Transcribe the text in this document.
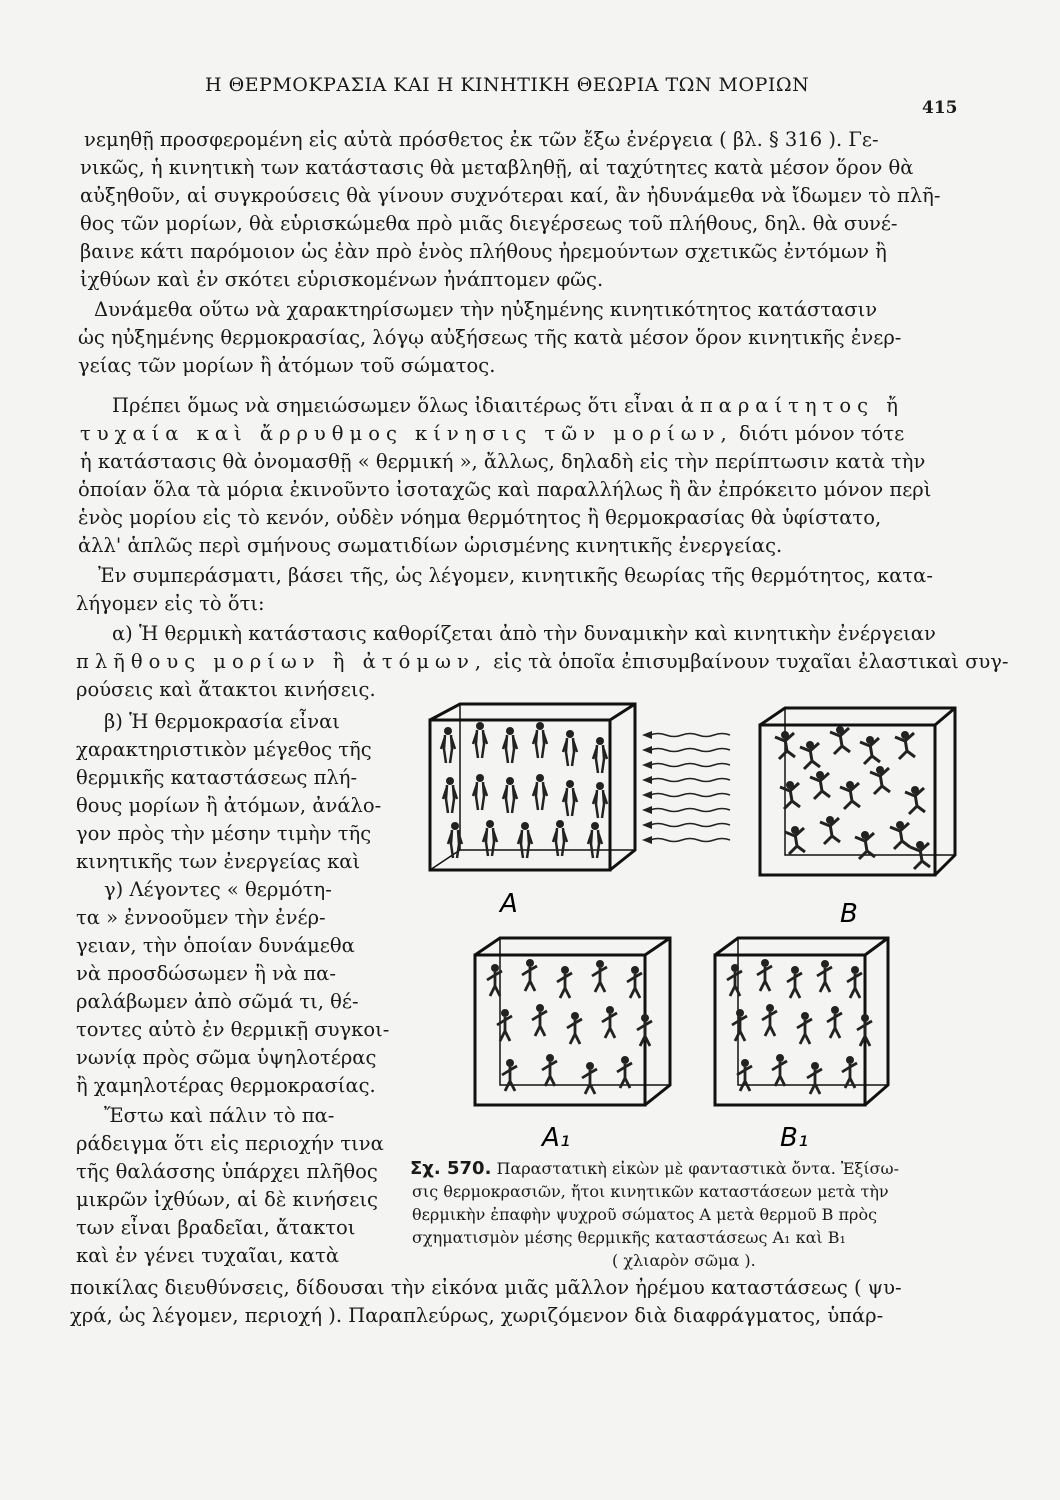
Η ΘΕΡΜΟΚΡΑΣΙΑ ΚΑΙ Η ΚΙΝΗΤΙΚΗ ΘΕΩΡΙΑ ΤΩΝ ΜΟΡΙΩΝ
415
νεμηθῇ προσφερομένη εἰς αὐτὰ πρόσθετος ἐκ τῶν ἔξω ἐνέργεια ( βλ. § 316 ). Γε-
νικῶς, ἡ κινητικὴ των κατάστασις θὰ μεταβληθῇ, αἱ ταχύτητες κατὰ μέσον ὅρον θὰ
αὐξηθοῦν, αἱ συγκρούσεις θὰ γίνουν συχνότεραι καί, ἂν ἠδυνάμεθα νὰ ἴδωμεν τὸ πλῆ-
θος τῶν μορίων, θὰ εὑρισκώμεθα πρὸ μιᾶς διεγέρσεως τοῦ πλήθους, δηλ. θὰ συνέ-
βαινε κάτι παρόμοιον ὡς ἐὰν πρὸ ἑνὸς πλήθους ἠρεμούντων σχετικῶς ἐντόμων ἢ
ἰχθύων καὶ ἐν σκότει εὑρισκομένων ἠνάπτομεν φῶς.
Δυνάμεθα οὕτω νὰ χαρακτηρίσωμεν τὴν ηὐξημένης κινητικότητος κατάστασιν
ὡς ηὐξημένης θερμοκρασίας, λόγῳ αὐξήσεως τῆς κατὰ μέσον ὅρον κινητικῆς ἐνερ-
γείας τῶν μορίων ἢ ἀτόμων τοῦ σώματος.
Πρέπει ὅμως νὰ σημειώσωμεν ὅλως ἰδιαιτέρως ὅτι εἶναι ἀπαραίτητος ἤ
τυχαία καὶ ἄρρυθμος κίνησις τῶν μορίων, διότι μόνον τότε
ἡ κατάστασις θὰ ὀνομασθῇ « θερμική », ἄλλως, δηλαδὴ εἰς τὴν περίπτωσιν κατὰ τὴν
ὁποίαν ὅλα τὰ μόρια ἐκινοῦντο ἰσοταχῶς καὶ παραλλήλως ἢ ἂν ἐπρόκειτο μόνον περὶ
ἑνὸς μορίου εἰς τὸ κενόν, οὐδὲν νόημα θερμότητος ἢ θερμοκρασίας θὰ ὑφίστατο,
ἀλλ' ἁπλῶς περὶ σμήνους σωματιδίων ὡρισμένης κινητικῆς ἐνεργείας.
Ἐν συμπεράσματι, βάσει τῆς, ὡς λέγομεν, κινητικῆς θεωρίας τῆς θερμότητος, κατα-
λήγομεν εἰς τὸ ὅτι:
α) Ἡ θερμικὴ κατάστασις καθορίζεται ἀπὸ τὴν δυναμικὴν καὶ κινητικὴν ἐνέργειαν
πλῆθους μορίων ἢ ἀτόμων, εἰς τὰ ὁποῖα ἐπισυμβαίνουν τυχαῖαι ἐλαστικαὶ συγ-
ρούσεις καὶ ἄτακτοι κινήσεις.
β) Ἡ θερμοκρασία εἶναι
χαρακτηριστικὸν μέγεθος τῆς
θερμικῆς καταστάσεως πλή-
θους μορίων ἢ ἀτόμων, ἀνάλο-
γον πρὸς τὴν μέσην τιμὴν τῆς
κινητικῆς των ἐνεργείας καὶ
γ) Λέγοντες « θερμότη-
τα » ἐννοοῦμεν τὴν ἐνέρ-
γειαν, τὴν ὁποίαν δυνάμεθα
νὰ προσδώσωμεν ἢ νὰ πα-
ραλάβωμεν ἀπὸ σῶμά τι, θέ-
τοντες αὐτὸ ἐν θερμικῇ συγκοι-
νωνίᾳ πρὸς σῶμα ὑψηλοτέρας
ἢ χαμηλοτέρας θερμοκρασίας.
Ἔστω καὶ πάλιν τὸ πα-
ράδειγμα ὅτι εἰς περιοχήν τινα
τῆς θαλάσσης ὑπάρχει πλῆθος
μικρῶν ἰχθύων, αἱ δὲ κινήσεις
των εἶναι βραδεῖαι, ἄτακτοι
καὶ ἐν γένει τυχαῖαι, κατὰ
ποικίλας διευθύνσεις, δίδουσαι τὴν εἰκόνα μιᾶς μᾶλλον ἠρέμου καταστάσεως ( ψυ-
χρά, ὡς λέγομεν, περιοχή ). Παραπλεύρως, χωριζόμενον διὰ διαφράγματος, ὑπάρ-
A	B
A₁	B₁
Σχ. 570. Παραστατικὴ εἰκὼν μὲ φανταστικὰ ὄντα. Ἐξίσω-
σις θερμοκρασιῶν, ἤτοι κινητικῶν καταστάσεων μετὰ τὴν
θερμικὴν ἐπαφὴν ψυχροῦ σώματος Α μετὰ θερμοῦ Β πρὸς
σχηματισμὸν μέσης θερμικῆς καταστάσεως Α₁ καὶ Β₁
( χλιαρὸν σῶμα ).
